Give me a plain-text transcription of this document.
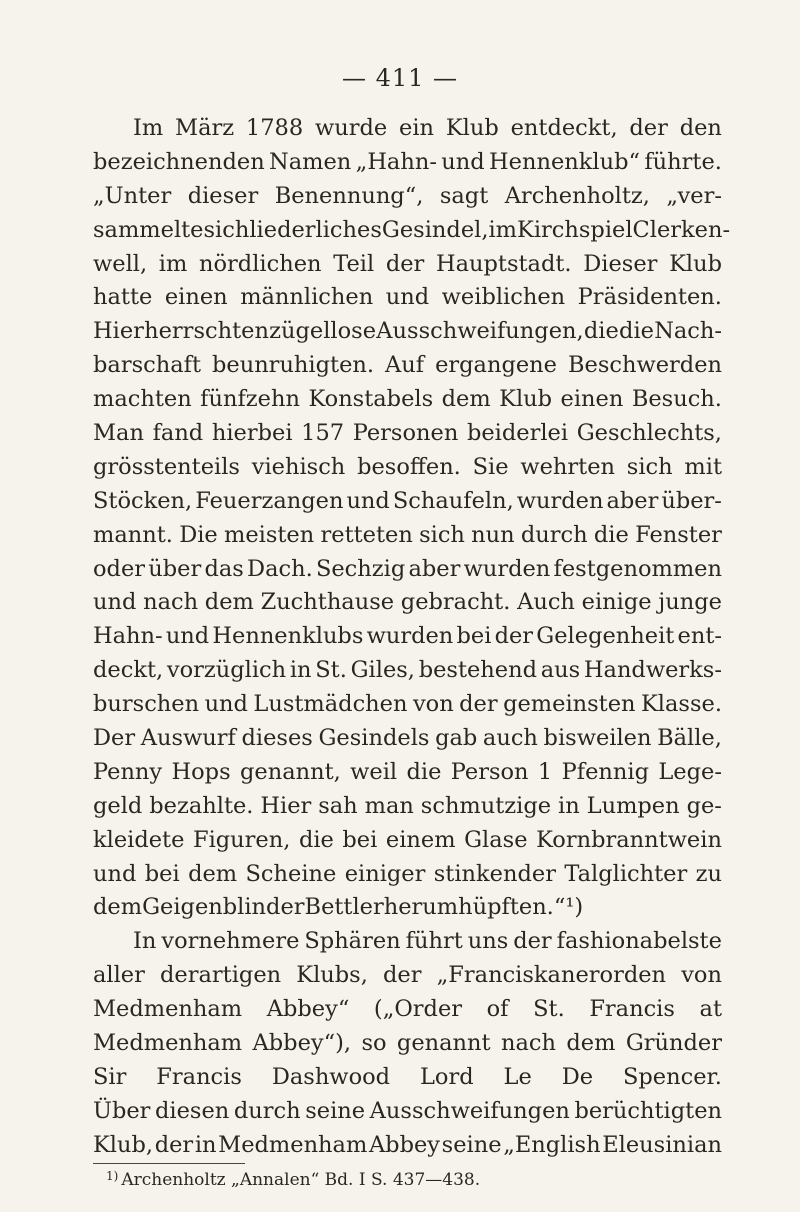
— 411 —
Im März 1788 wurde ein Klub entdeckt, der den
bezeichnenden Namen „Hahn- und Hennenklub“ führte.
„Unter dieser Benennung“, sagt Archenholtz, „ver-
sammelte sich liederliches Gesindel, im Kirchspiel Clerken-
well, im nördlichen Teil der Hauptstadt. Dieser Klub
hatte einen männlichen und weiblichen Präsidenten.
Hier herrschten zügellose Ausschweifungen, die die Nach-
barschaft beunruhigten. Auf ergangene Beschwerden
machten fünfzehn Konstabels dem Klub einen Besuch.
Man fand hierbei 157 Personen beiderlei Geschlechts,
grösstenteils viehisch besoffen. Sie wehrten sich mit
Stöcken, Feuerzangen und Schaufeln, wurden aber über-
mannt. Die meisten retteten sich nun durch die Fenster
oder über das Dach. Sechzig aber wurden festgenommen
und nach dem Zuchthause gebracht. Auch einige junge
Hahn- und Hennenklubs wurden bei der Gelegenheit ent-
deckt, vorzüglich in St. Giles, bestehend aus Handwerks-
burschen und Lustmädchen von der gemeinsten Klasse.
Der Auswurf dieses Gesindels gab auch bisweilen Bälle,
Penny Hops genannt, weil die Person 1 Pfennig Lege-
geld bezahlte. Hier sah man schmutzige in Lumpen ge-
kleidete Figuren, die bei einem Glase Kornbranntwein
und bei dem Scheine einiger stinkender Talglichter zu
dem Geigen blinder Bettler herumhüpften.“¹)
In vornehmere Sphären führt uns der fashionabelste
aller derartigen Klubs, der „Franciskanerorden von
Medmenham Abbey“ („Order of St. Francis at
Medmenham Abbey“), so genannt nach dem Gründer
Sir Francis Dashwood Lord Le De Spencer.
Über diesen durch seine Ausschweifungen berüchtigten
Klub, der in Medmenham Abbey seine „English Eleusinian
$^{1)}$ Archenholtz „Annalen“ Bd. I S. 437—438.
